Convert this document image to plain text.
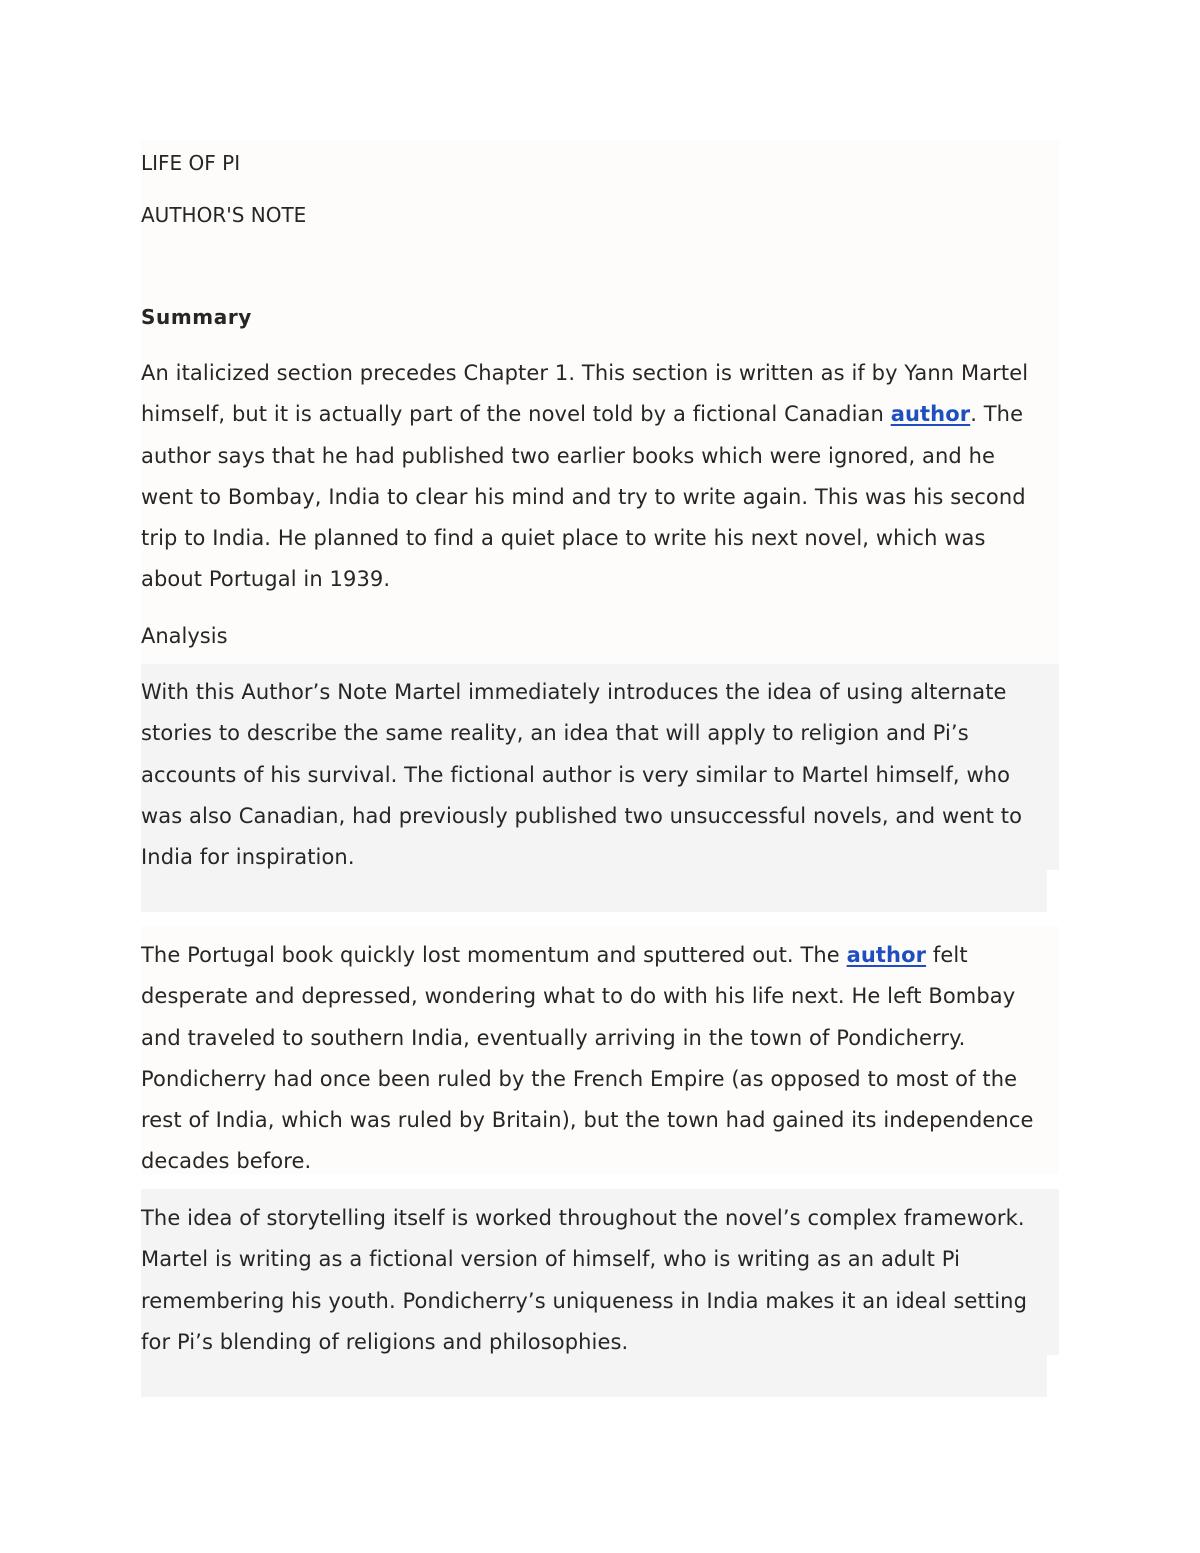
LIFE OF PI

AUTHOR'S NOTE

Summary

An italicized section precedes Chapter 1. This section is written as if by Yann Martel
himself, but it is actually part of the novel told by a fictional Canadian author. The
author says that he had published two earlier books which were ignored, and he
went to Bombay, India to clear his mind and try to write again. This was his second
trip to India. He planned to find a quiet place to write his next novel, which was
about Portugal in 1939.

Analysis

With this Author’s Note Martel immediately introduces the idea of using alternate
stories to describe the same reality, an idea that will apply to religion and Pi’s
accounts of his survival. The fictional author is very similar to Martel himself, who
was also Canadian, had previously published two unsuccessful novels, and went to
India for inspiration.
The Portugal book quickly lost momentum and sputtered out. The author felt
desperate and depressed, wondering what to do with his life next. He left Bombay
and traveled to southern India, eventually arriving in the town of Pondicherry.
Pondicherry had once been ruled by the French Empire (as opposed to most of the
rest of India, which was ruled by Britain), but the town had gained its independence
decades before.
The idea of storytelling itself is worked throughout the novel’s complex framework.
Martel is writing as a fictional version of himself, who is writing as an adult Pi
remembering his youth. Pondicherry’s uniqueness in India makes it an ideal setting
for Pi’s blending of religions and philosophies.
